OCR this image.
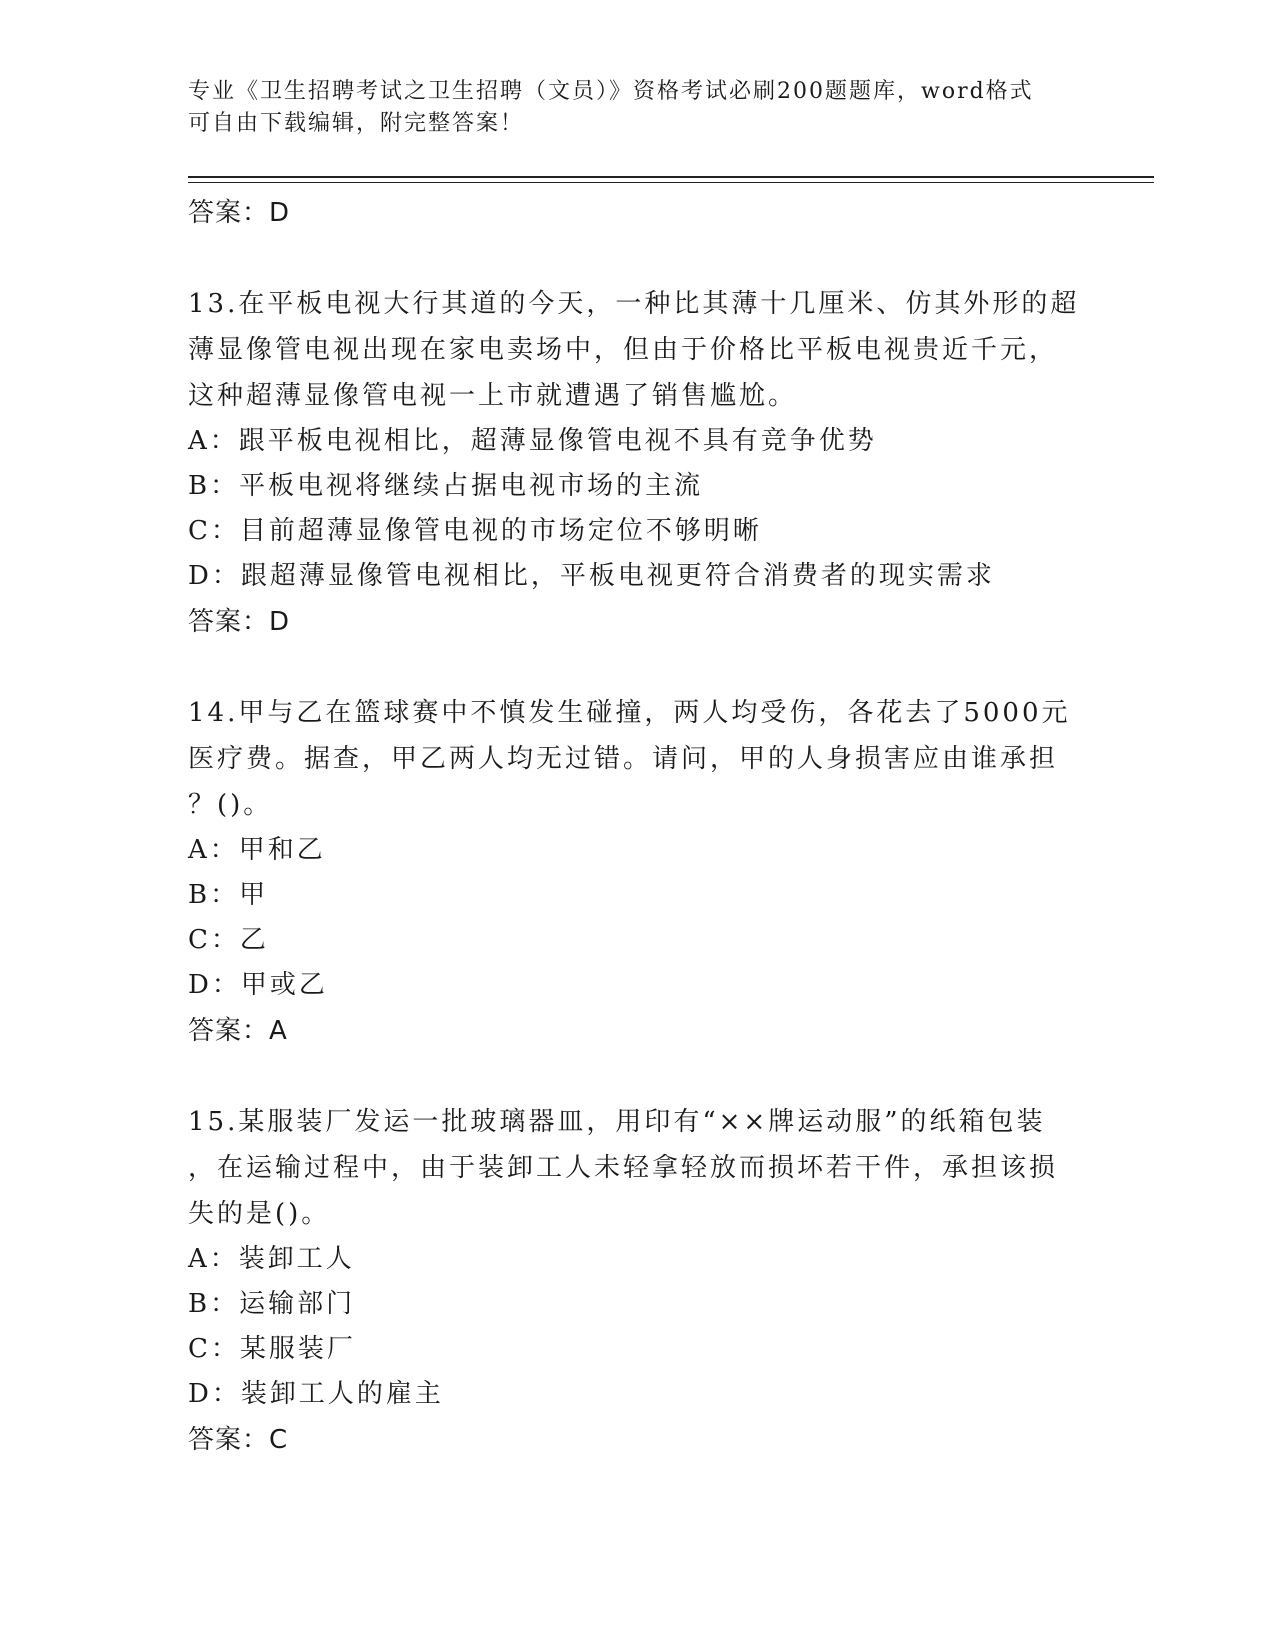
专业《卫生招聘考试之卫生招聘（文员）》资格考试必刷200题题库，word格式
可自由下载编辑，附完整答案！

答案：D

13.在平板电视大行其道的今天，一种比其薄十几厘米、仿其外形的超

薄显像管电视出现在家电卖场中，但由于价格比平板电视贵近千元，

这种超薄显像管电视一上市就遭遇了销售尴尬。

A：跟平板电视相比，超薄显像管电视不具有竞争优势

B：平板电视将继续占据电视市场的主流

C：目前超薄显像管电视的市场定位不够明晰

D：跟超薄显像管电视相比，平板电视更符合消费者的现实需求

答案：D

14.甲与乙在篮球赛中不慎发生碰撞，两人均受伤，各花去了5000元

医疗费。据查，甲乙两人均无过错。请问，甲的人身损害应由谁承担

？()。

A：甲和乙

B：甲

C：乙

D：甲或乙

答案：A

15.某服装厂发运一批玻璃器皿，用印有“××牌运动服”的纸箱包装

，在运输过程中，由于装卸工人未轻拿轻放而损坏若干件，承担该损

失的是()。

A：装卸工人

B：运输部门

C：某服装厂

D：装卸工人的雇主

答案：C
